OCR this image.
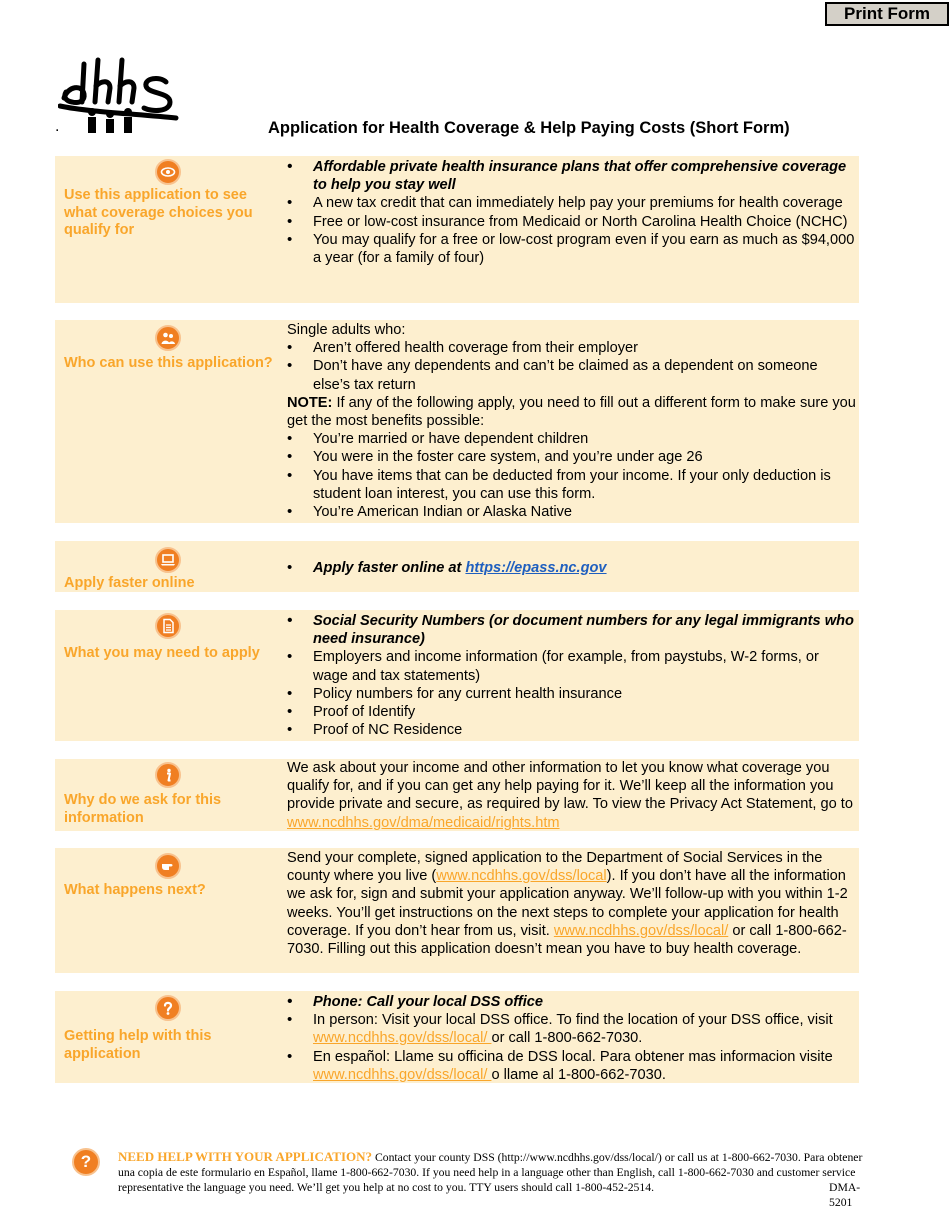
Print Form
.	Application for Health Coverage & Help Paying Costs (Short Form)
Use this application to see what coverage choices you qualify for
• Affordable private health insurance plans that offer comprehensive coverage to help you stay well
• A new tax credit that can immediately help pay your premiums for health coverage
• Free or low-cost insurance from Medicaid or North Carolina Health Choice (NCHC)
• You may qualify for a free or low-cost program even if you earn as much as $94,000 a year (for a family of four)
Who can use this application?

Single adults who:

• Aren’t offered health coverage from their employer
• Don’t have any dependents and can’t be claimed as a dependent on someone else’s tax return

NOTE: If any of the following apply, you need to fill out a different form to make sure you get the most benefits possible:

• You’re married or have dependent children
• You were in the foster care system, and you’re under age 26
• You have items that can be deducted from your income. If your only deduction is student loan interest, you can use this form.
• You’re American Indian or Alaska Native
Apply faster online
• Apply faster online at https://epass.nc.gov
What you may need to apply
• Social Security Numbers (or document numbers for any legal immigrants who need insurance)
• Employers and income information (for example, from paystubs, W-2 forms, or wage and tax statements)
• Policy numbers for any current health insurance
• Proof of Identify
• Proof of NC Residence
Why do we ask for this information

We ask about your income and other information to let you know what coverage you qualify for, and if you can get any help paying for it. We’ll keep all the information you provide private and secure, as required by law. To view the Privacy Act Statement, go to www.ncdhhs.gov/dma/medicaid/rights.htm

What happens next?

Send your complete, signed application to the Department of Social Services in the county where you live (www.ncdhhs.gov/dss/local). If you don’t have all the information we ask for, sign and submit your application anyway. We’ll follow-up with you within 1-2 weeks. You’ll get instructions on the next steps to complete your application for health coverage. If you don’t hear from us, visit. www.ncdhhs.gov/dss/local/ or call 1-800-662-7030. Filling out this application doesn’t mean you have to buy health coverage.

Getting help with this application
• Phone: Call your local DSS office
• In person: Visit your local DSS office. To find the location of your DSS office, visit www.ncdhhs.gov/dss/local/ or call 1-800-662-7030.
• En español: Llame su officina de DSS local. Para obtener mas informacion visite www.ncdhhs.gov/dss/local/ o llame al 1-800-662-7030.
?	NEED HELP WITH YOUR APPLICATION? Contact your county DSS (http://www.ncdhhs.gov/dss/local/) or call us at 1-800-662-7030. Para obtener una copia de este formulario en Español, llame 1-800-662-7030. If you need help in a language other than English, call 1-800-662-7030 and customer service representative the language you need. We’ll get you help at no cost to you. TTY users should call 1-800-452-2514.	DMA-5201
